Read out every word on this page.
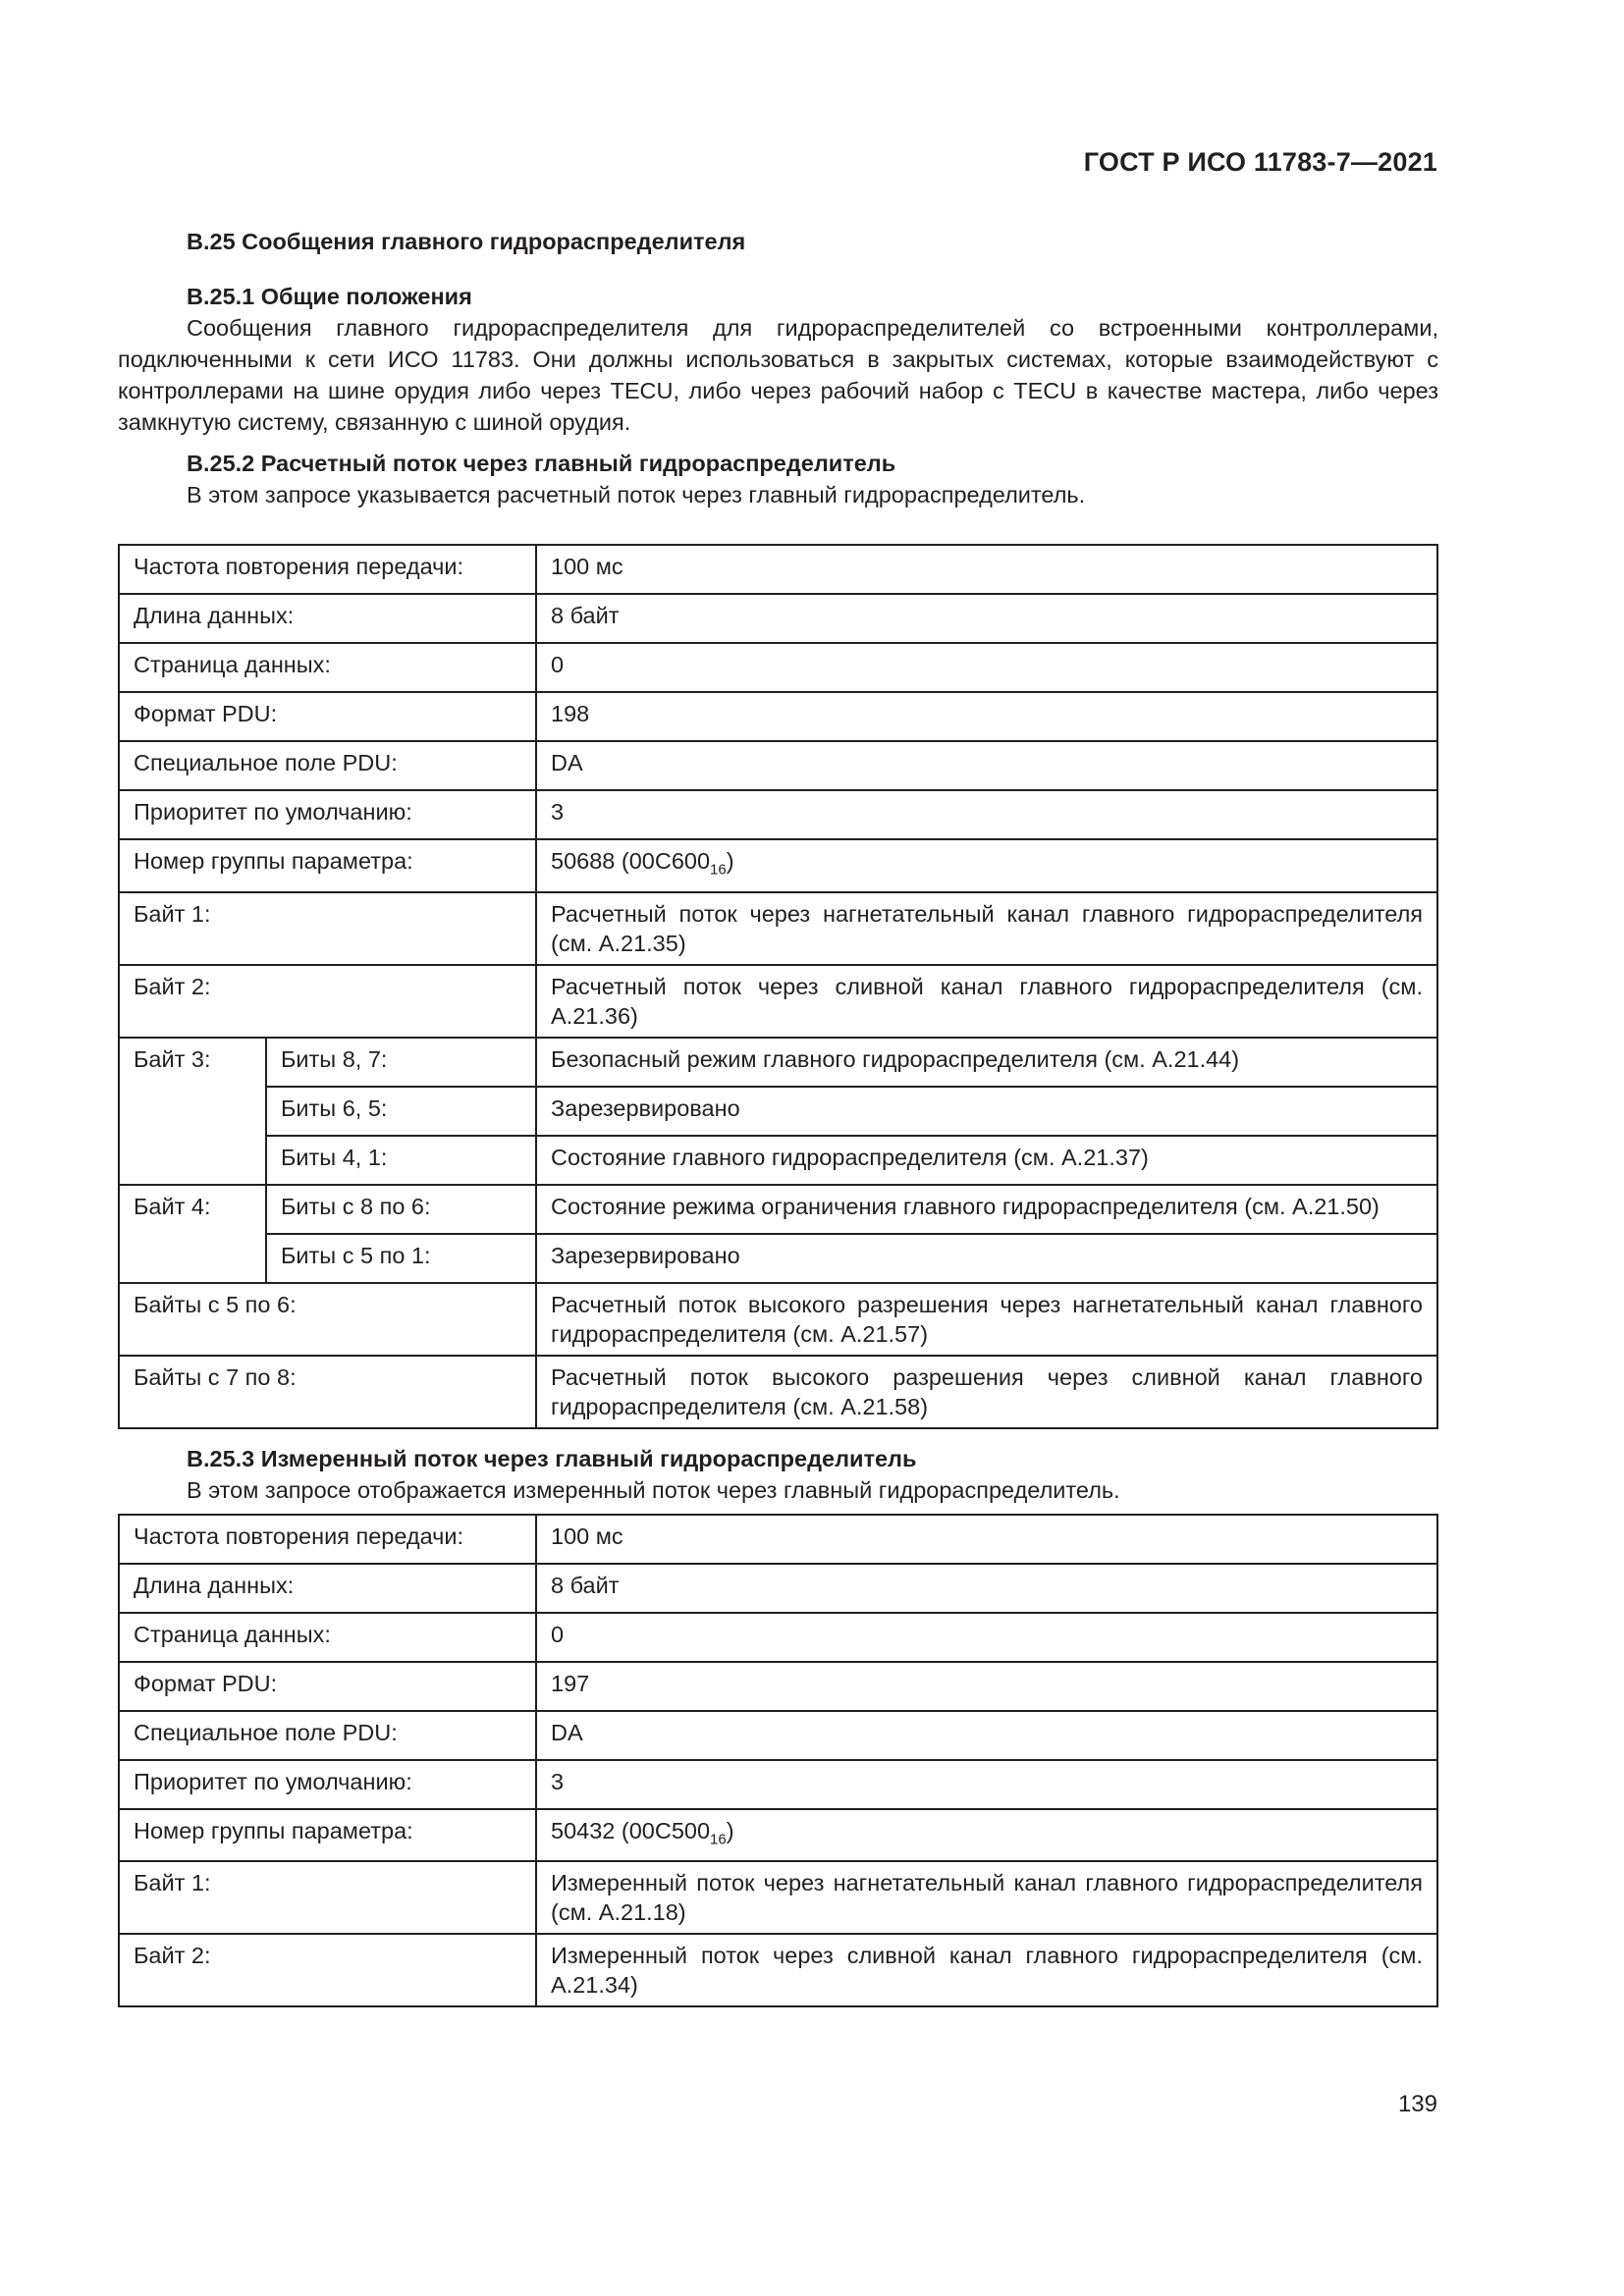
ГОСТ Р ИСО 11783-7—2021
B.25 Сообщения главного гидрораспределителя
B.25.1 Общие положения

Сообщения главного гидрораспределителя для гидрораспределителей со встроенными контроллерами, подключенными к сети ИСО 11783. Они должны использоваться в закрытых системах, которые взаимодействуют с контроллерами на шине орудия либо через TECU, либо через рабочий набор с TECU в качестве мастера, либо через замкнутую систему, связанную с шиной орудия.

B.25.2 Расчетный поток через главный гидрораспределитель

В этом запросе указывается расчетный поток через главный гидрораспределитель.

Частота повторения передачи:		100 мс
Длина данных:		8 байт
Страница данных:		0
Формат PDU:		198
Специальное поле PDU:		DA
Приоритет по умолчанию:		3
Номер группы параметра:		50688 $(00C600_{16})$
Байт 1:		Расчетный поток через нагнетательный канал главного гидрораспределителя (см. A.21.35)
Байт 2:		Расчетный поток через сливной канал главного гидрораспределителя (см. A.21.36)
Байт 3:	Биты 8, 7:	Безопасный режим главного гидрораспределителя (см. A.21.44)
	Биты 6, 5:	Зарезервировано
	Биты 4, 1:	Состояние главного гидрораспределителя (см. A.21.37)
Байт 4:	Биты с 8 по 6:	Состояние режима ограничения главного гидрораспределителя (см. A.21.50)
	Биты с 5 по 1:	Зарезервировано
Байты с 5 по 6:		Расчетный поток высокого разрешения через нагнетательный канал главного гидрораспределителя (см. A.21.57)
Байты с 7 по 8:		Расчетный поток высокого разрешения через сливной канал главного гидрораспределителя (см. A.21.58)
B.25.3 Измеренный поток через главный гидрораспределитель

В этом запросе отображается измеренный поток через главный гидрораспределитель.

Частота повторения передачи:	100 мс
Длина данных:	8 байт
Страница данных:	0
Формат PDU:	197
Специальное поле PDU:	DA
Приоритет по умолчанию:	3
Номер группы параметра:	50432 $(00C500_{16})$
Байт 1:	Измеренный поток через нагнетательный канал главного гидрораспределителя (см. A.21.18)
Байт 2:	Измеренный поток через сливной канал главного гидрораспределителя (см. A.21.34)
139
